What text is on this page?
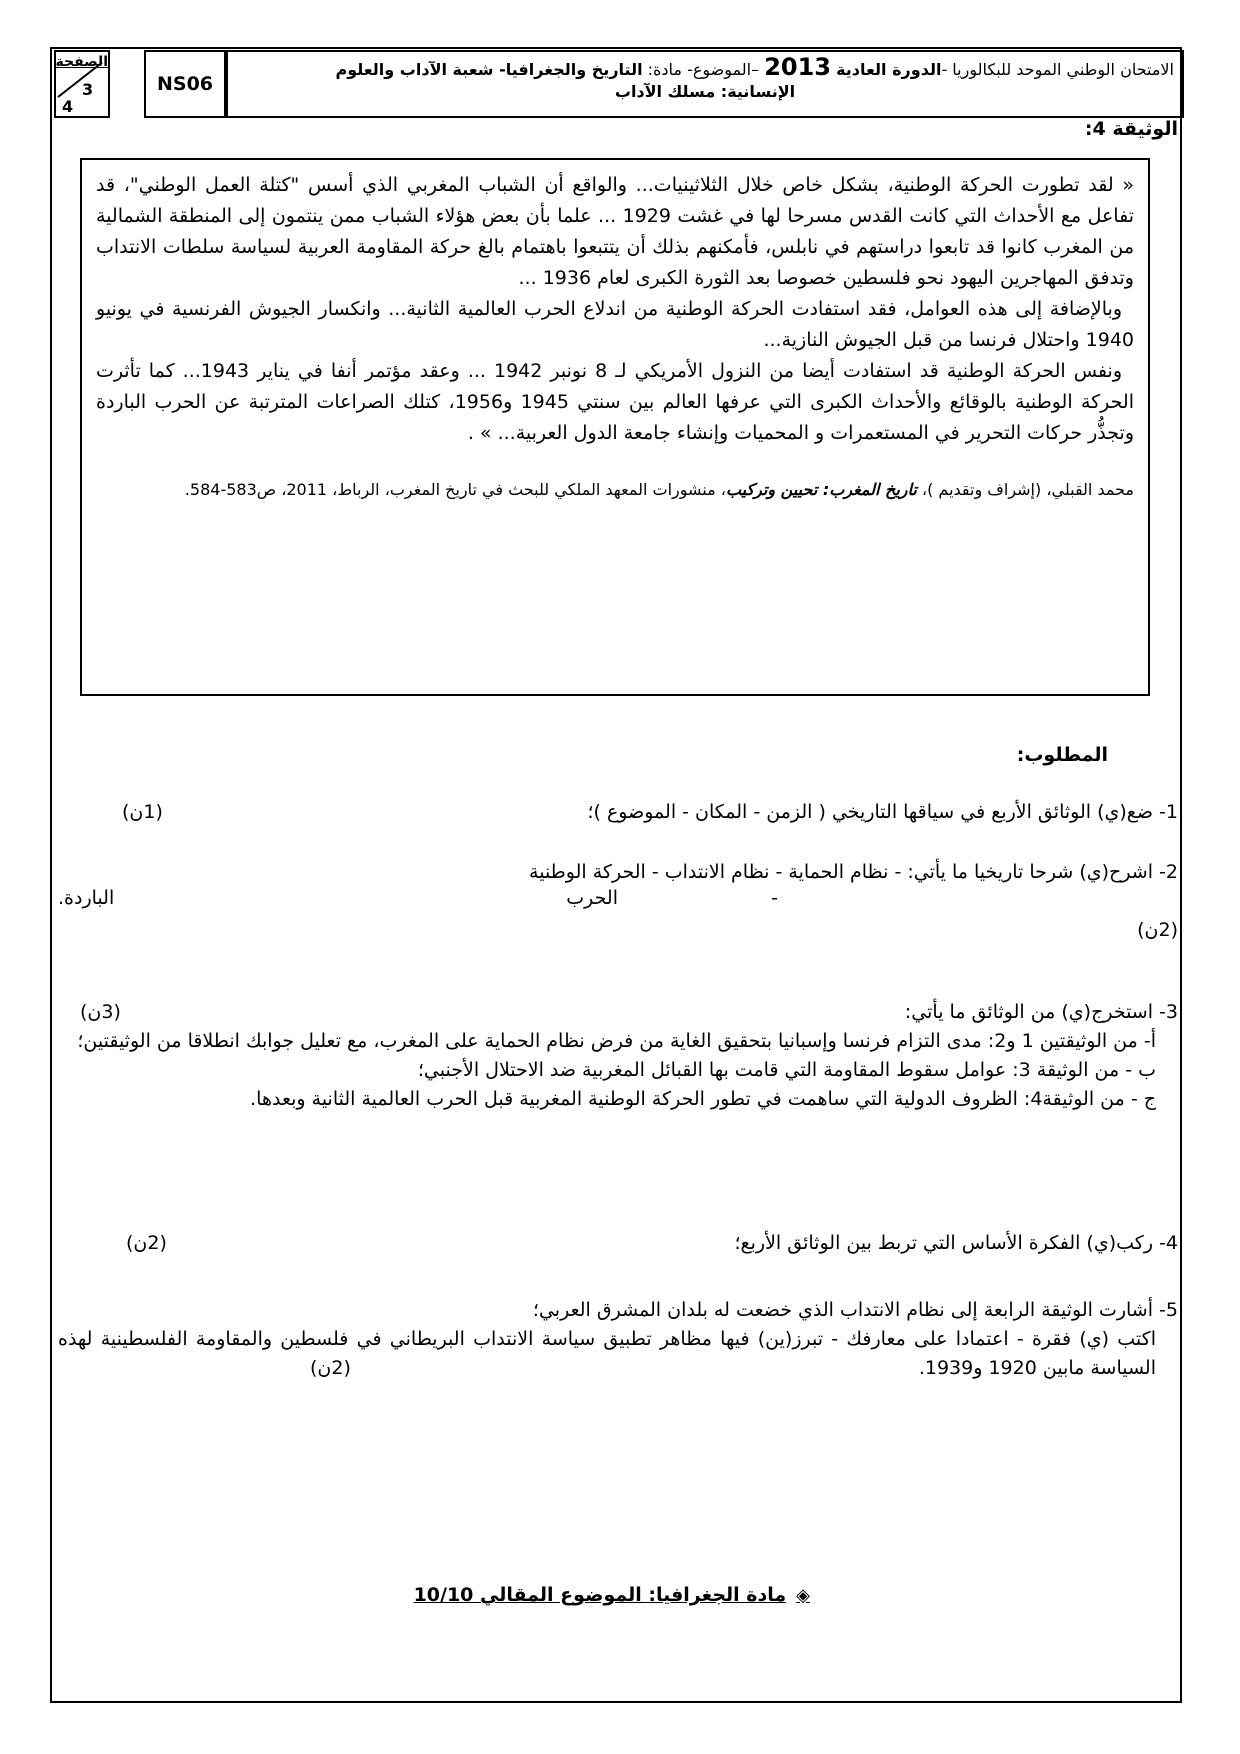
الامتحان الوطني الموحد للبكالوريا -الدورة العادية 2013 –الموضوع- مادة: التاريخ والجغرافيا- شعبة الآداب والعلوم
الإنسانية: مسلك الآداب
NS06
الصفحة
3
4
الوثيقة 4:

« لقد تطورت الحركة الوطنية، بشكل خاص خلال الثلاثينيات... والواقع أن الشباب المغربي الذي أسس "كتلة العمل الوطني"، قد تفاعل مع الأحداث التي كانت القدس مسرحا لها في غشت 1929 ... علما بأن بعض هؤلاء الشباب ممن ينتمون إلى المنطقة الشمالية من المغرب كانوا قد تابعوا دراستهم في نابلس، فأمكنهم بذلك أن يتتبعوا باهتمام بالغ حركة المقاومة العربية لسياسة سلطات الانتداب وتدفق المهاجرين اليهود نحو فلسطين خصوصا بعد الثورة الكبرى لعام 1936 ...

وبالإضافة إلى هذه العوامل، فقد استفادت الحركة الوطنية من اندلاع الحرب العالمية الثانية... وانكسار الجيوش الفرنسية في يونيو 1940 واحتلال فرنسا من قبل الجيوش النازية...

ونفس الحركة الوطنية قد استفادت أيضا من النزول الأمريكي لـ 8 نونبر 1942 ... وعقد مؤتمر أنفا في يناير 1943... كما تأثرت الحركة الوطنية بالوقائع والأحداث الكبرى التي عرفها العالم بين سنتي 1945 و1956، كتلك الصراعات المترتبة عن الحرب الباردة وتجذُّر حركات التحرير في المستعمرات و المحميات وإنشاء جامعة الدول العربية... » .

محمد القبلي، (إشراف وتقديم )، تاريخ المغرب: تحيين وتركيب، منشورات المعهد الملكي للبحث في تاريخ المغرب، الرباط، 2011، ص583-584.

المطلوب:

1- ضع(ي) الوثائق الأربع في سياقها التاريخي ( الزمن - المكان - الموضوع )؛

(1ن)

2- اشرح(ي) شرحا تاريخيا ما يأتي: - نظام الحماية - نظام الانتداب - الحركة الوطنية

-
الحرب
الباردة.
(2ن)

3- استخرج(ي) من الوثائق ما يأتي:

(3ن)

أ- من الوثيقتين 1 و2: مدى التزام فرنسا وإسبانيا بتحقيق الغاية من فرض نظام الحماية على المغرب، مع تعليل جوابك انطلاقا من الوثيقتين؛

ب - من الوثيقة 3: عوامل سقوط المقاومة التي قامت بها القبائل المغربية ضد الاحتلال الأجنبي؛

ج - من الوثيقة4: الظروف الدولية التي ساهمت في تطور الحركة الوطنية المغربية قبل الحرب العالمية الثانية وبعدها.

4- ركب(ي) الفكرة الأساس التي تربط بين الوثائق الأربع؛

(2ن)

5- أشارت الوثيقة الرابعة إلى نظام الانتداب الذي خضعت له بلدان المشرق العربي؛

اكتب (ي) فقرة - اعتمادا على معارفك - تبرز(ين) فيها مظاهر تطبيق سياسة الانتداب البريطاني في فلسطين والمقاومة الفلسطينية لهذه السياسة مابين 1920 و1939.

(2ن)
◈
مادة الجغرافيا: الموضوع المقالي 10/10
